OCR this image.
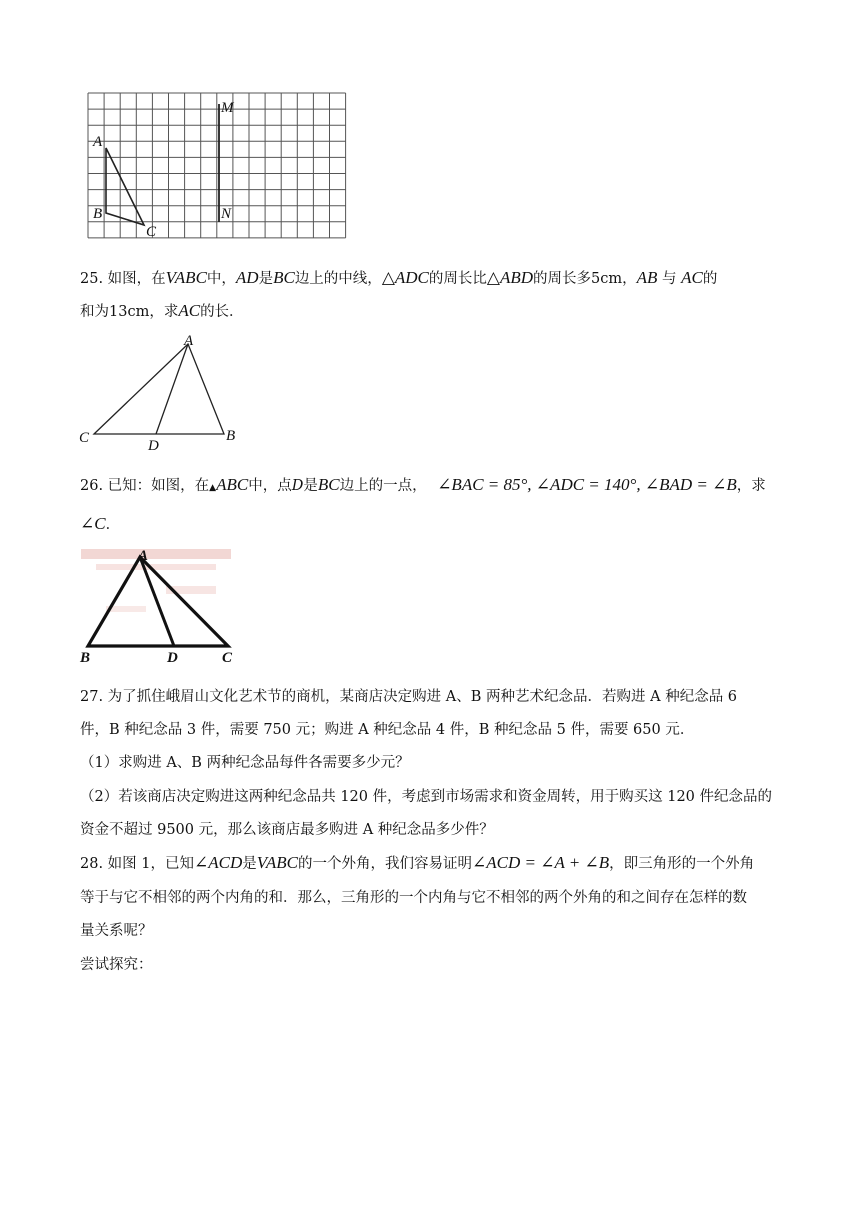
A
B
C
M
N
25. 如图，在VABC中，AD是BC边上的中线，△ADC的周长比△ABD的周长多5cm，AB 与 AC的
和为13cm，求AC的长．
A
C	D
B
26. 已知：如图，在▲ABC中，点D是BC边上的一点， ∠BAC = 85°, ∠ADC = 140°, ∠BAD = ∠B，求
∠C．
A
B	D	C
27. 为了抓住峨眉山文化艺术节的商机，某商店决定购进 A、B 两种艺术纪念品．若购进 A 种纪念品 6
件，B 种纪念品 3 件，需要 750 元；购进 A 种纪念品 4 件，B 种纪念品 5 件，需要 650 元．
（1）求购进 A、B 两种纪念品每件各需要多少元？
（2）若该商店决定购进这两种纪念品共 120 件，考虑到市场需求和资金周转，用于购买这 120 件纪念品的
资金不超过 9500 元，那么该商店最多购进 A 种纪念品多少件？
28. 如图 1，已知∠ACD是VABC的一个外角，我们容易证明∠ACD = ∠A + ∠B，即三角形的一个外角
等于与它不相邻的两个内角的和．那么，三角形的一个内角与它不相邻的两个外角的和之间存在怎样的数
量关系呢？
尝试探究：
